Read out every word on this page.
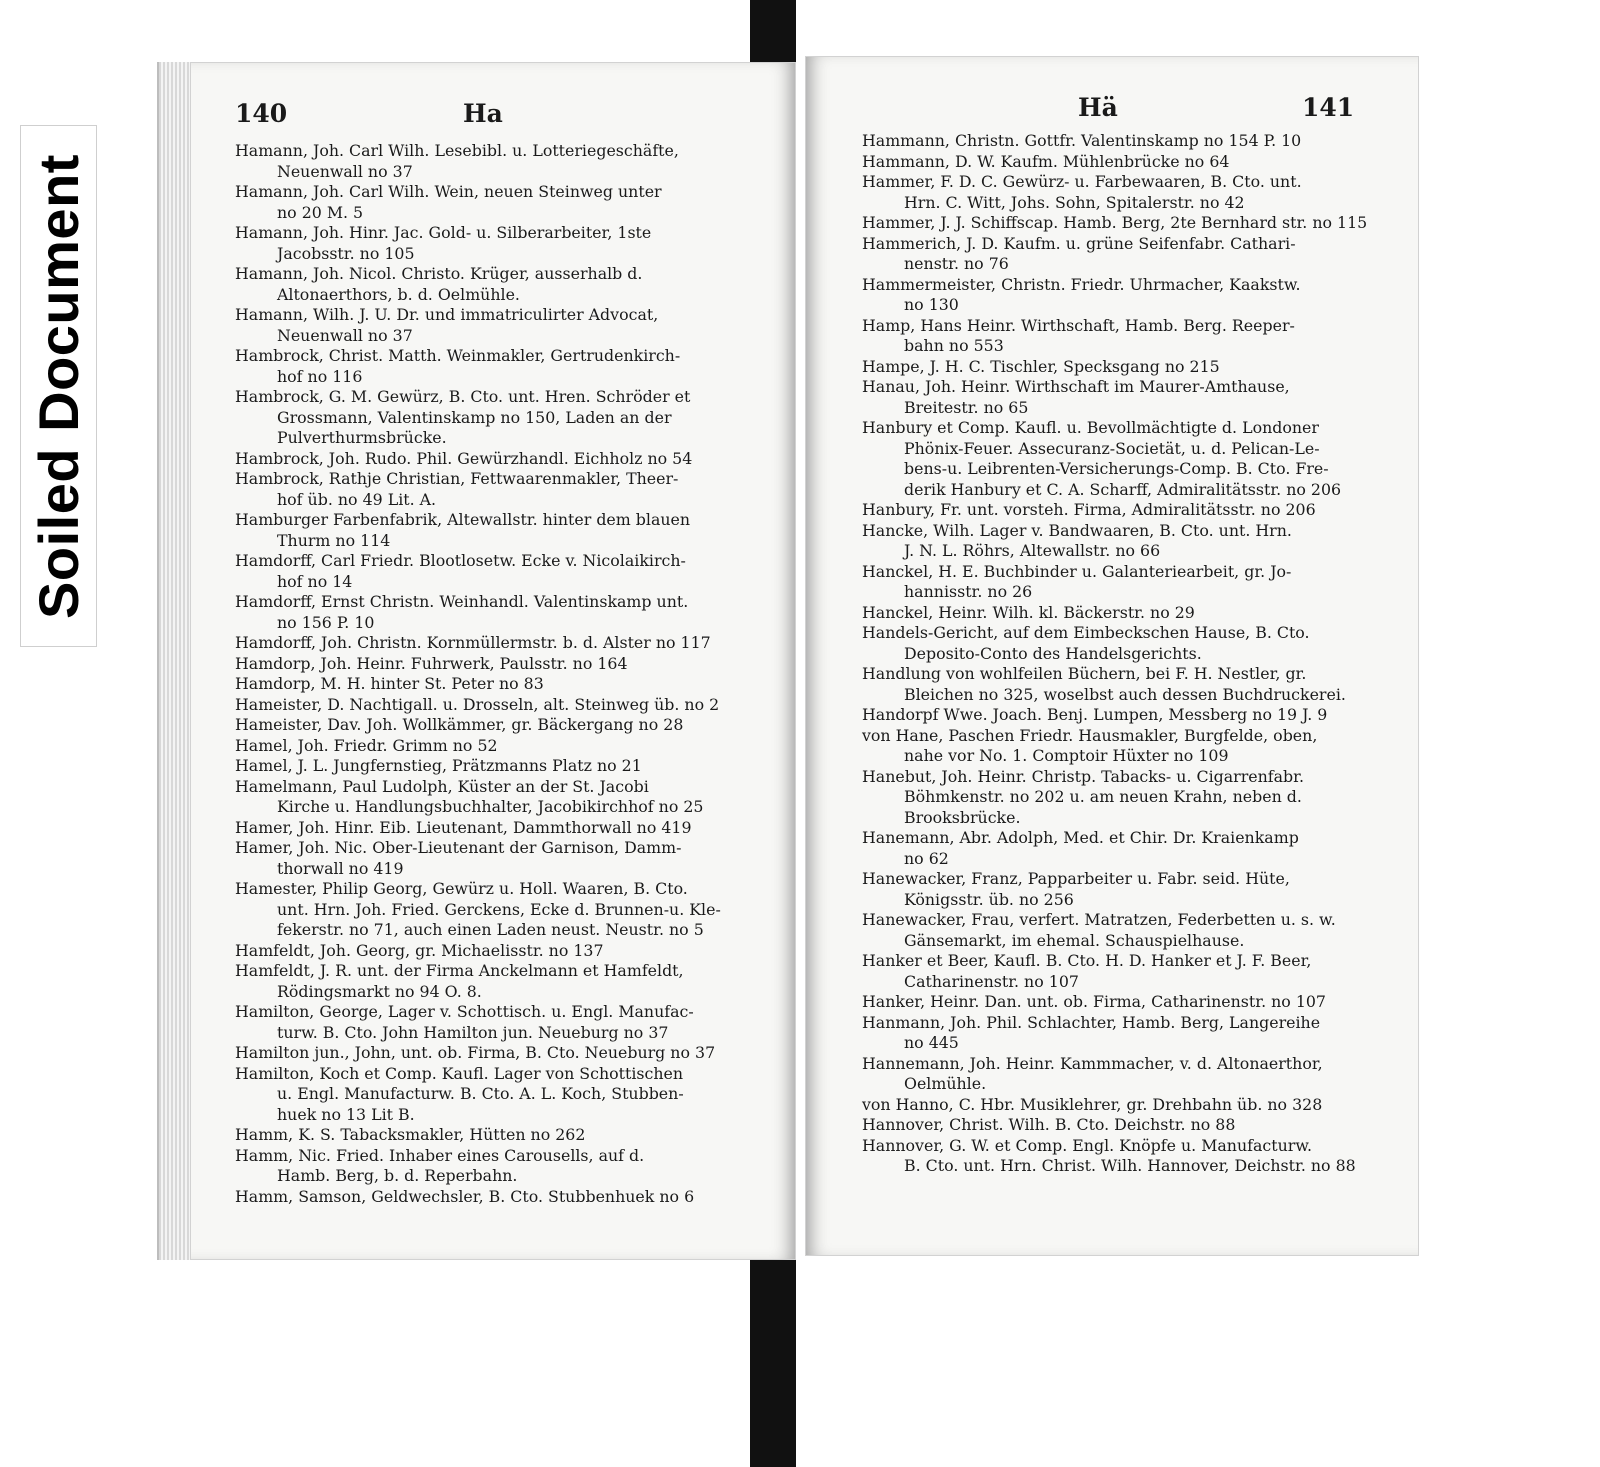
Soiled Document
140	Ha

Hamann, Joh. Carl Wilh. Lesebibl. u. Lotteriegeschäfte,
Neuenwall no 37

Hamann, Joh. Carl Wilh. Wein, neuen Steinweg unter
no 20 M. 5

Hamann, Joh. Hinr. Jac. Gold- u. Silberarbeiter, 1ste
Jacobsstr. no 105

Hamann, Joh. Nicol. Christo. Krüger, ausserhalb d.
Altonaerthors, b. d. Oelmühle.

Hamann, Wilh. J. U. Dr. und immatriculirter Advocat,
Neuenwall no 37

Hambrock, Christ. Matth. Weinmakler, Gertrudenkirch-
hof no 116

Hambrock, G. M. Gewürz, B. Cto. unt. Hren. Schröder et
Grossmann, Valentinskamp no 150, Laden an der
Pulverthurmsbrücke.

Hambrock, Joh. Rudo. Phil. Gewürzhandl. Eichholz no 54

Hambrock, Rathje Christian, Fettwaarenmakler, Theer-
hof üb. no 49 Lit. A.

Hamburger Farbenfabrik, Altewallstr. hinter dem blauen
Thurm no 114

Hamdorff, Carl Friedr. Blootlosetw. Ecke v. Nicolaikirch-
hof no 14

Hamdorff, Ernst Christn. Weinhandl. Valentinskamp unt.
no 156 P. 10

Hamdorff, Joh. Christn. Kornmüllermstr. b. d. Alster no 117

Hamdorp, Joh. Heinr. Fuhrwerk, Paulsstr. no 164

Hamdorp, M. H. hinter St. Peter no 83

Hameister, D. Nachtigall. u. Drosseln, alt. Steinweg üb. no 2

Hameister, Dav. Joh. Wollkämmer, gr. Bäckergang no 28

Hamel, Joh. Friedr. Grimm no 52

Hamel, J. L. Jungfernstieg, Prätzmanns Platz no 21

Hamelmann, Paul Ludolph, Küster an der St. Jacobi
Kirche u. Handlungsbuchhalter, Jacobikirchhof no 25

Hamer, Joh. Hinr. Eib. Lieutenant, Dammthorwall no 419

Hamer, Joh. Nic. Ober-Lieutenant der Garnison, Damm-
thorwall no 419

Hamester, Philip Georg, Gewürz u. Holl. Waaren, B. Cto.
unt. Hrn. Joh. Fried. Gerckens, Ecke d. Brunnen-u. Kle-
fekerstr. no 71, auch einen Laden neust. Neustr. no 5

Hamfeldt, Joh. Georg, gr. Michaelisstr. no 137

Hamfeldt, J. R. unt. der Firma Anckelmann et Hamfeldt,
Rödingsmarkt no 94 O. 8.

Hamilton, George, Lager v. Schottisch. u. Engl. Manufac-
turw. B. Cto. John Hamilton jun. Neueburg no 37

Hamilton jun., John, unt. ob. Firma, B. Cto. Neueburg no 37

Hamilton, Koch et Comp. Kaufl. Lager von Schottischen
u. Engl. Manufacturw. B. Cto. A. L. Koch, Stubben-
huek no 13 Lit B.

Hamm, K. S. Tabacksmakler, Hütten no 262

Hamm, Nic. Fried. Inhaber eines Carousells, auf d.
Hamb. Berg, b. d. Reperbahn.

Hamm, Samson, Geldwechsler, B. Cto. Stubbenhuek no 6

Hä	141

Hammann, Christn. Gottfr. Valentinskamp no 154 P. 10

Hammann, D. W. Kaufm. Mühlenbrücke no 64

Hammer, F. D. C. Gewürz- u. Farbewaaren, B. Cto. unt.
Hrn. C. Witt, Johs. Sohn, Spitalerstr. no 42

Hammer, J. J. Schiffscap. Hamb. Berg, 2te Bernhard str. no 115

Hammerich, J. D. Kaufm. u. grüne Seifenfabr. Cathari-
nenstr. no 76

Hammermeister, Christn. Friedr. Uhrmacher, Kaakstw.
no 130

Hamp, Hans Heinr. Wirthschaft, Hamb. Berg. Reeper-
bahn no 553

Hampe, J. H. C. Tischler, Specksgang no 215

Hanau, Joh. Heinr. Wirthschaft im Maurer-Amthause,
Breitestr. no 65

Hanbury et Comp. Kaufl. u. Bevollmächtigte d. Londoner
Phönix-Feuer. Assecuranz-Societät, u. d. Pelican-Le-
bens-u. Leibrenten-Versicherungs-Comp. B. Cto. Fre-
derik Hanbury et C. A. Scharff, Admiralitätsstr. no 206

Hanbury, Fr. unt. vorsteh. Firma, Admiralitätsstr. no 206

Hancke, Wilh. Lager v. Bandwaaren, B. Cto. unt. Hrn.
J. N. L. Röhrs, Altewallstr. no 66

Hanckel, H. E. Buchbinder u. Galanteriearbeit, gr. Jo-
hannisstr. no 26

Hanckel, Heinr. Wilh. kl. Bäckerstr. no 29

Handels-Gericht, auf dem Eimbeckschen Hause, B. Cto.
Deposito-Conto des Handelsgerichts.

Handlung von wohlfeilen Büchern, bei F. H. Nestler, gr.
Bleichen no 325, woselbst auch dessen Buchdruckerei.

Handorpf Wwe. Joach. Benj. Lumpen, Messberg no 19 J. 9

von Hane, Paschen Friedr. Hausmakler, Burgfelde, oben,
nahe vor No. 1. Comptoir Hüxter no 109

Hanebut, Joh. Heinr. Christp. Tabacks- u. Cigarrenfabr.
Böhmkenstr. no 202 u. am neuen Krahn, neben d.
Brooksbrücke.

Hanemann, Abr. Adolph, Med. et Chir. Dr. Kraienkamp
no 62

Hanewacker, Franz, Papparbeiter u. Fabr. seid. Hüte,
Königsstr. üb. no 256

Hanewacker, Frau, verfert. Matratzen, Federbetten u. s. w.
Gänsemarkt, im ehemal. Schauspielhause.

Hanker et Beer, Kaufl. B. Cto. H. D. Hanker et J. F. Beer,
Catharinenstr. no 107

Hanker, Heinr. Dan. unt. ob. Firma, Catharinenstr. no 107

Hanmann, Joh. Phil. Schlachter, Hamb. Berg, Langereihe
no 445

Hannemann, Joh. Heinr. Kammmacher, v. d. Altonaerthor,
Oelmühle.

von Hanno, C. Hbr. Musiklehrer, gr. Drehbahn üb. no 328

Hannover, Christ. Wilh. B. Cto. Deichstr. no 88

Hannover, G. W. et Comp. Engl. Knöpfe u. Manufacturw.
B. Cto. unt. Hrn. Christ. Wilh. Hannover, Deichstr. no 88
